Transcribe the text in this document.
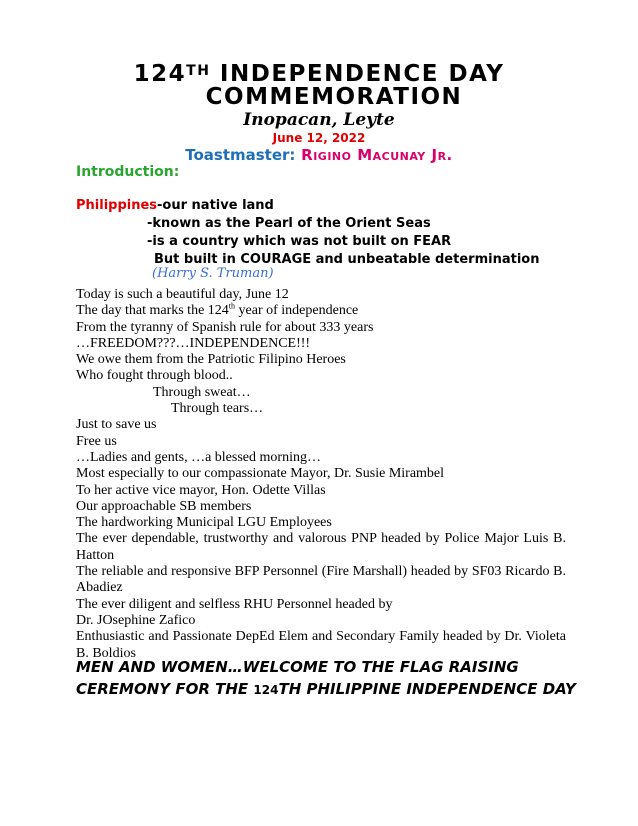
124TH INDEPENDENCE DAY
COMMEMORATION
Inopacan, Leyte
June 12, 2022
Toastmaster: Rigino Macunay Jr.
Introduction:
Philippines-our native land
-known as the Pearl of the Orient Seas
-is a country which was not built on FEAR
But built in COURAGE and unbeatable determination
(Harry S. Truman)
Today is such a beautiful day, June 12
The day that marks the 124th year of independence
From the tyranny of Spanish rule for about 333 years
…FREEDOM???…INDEPENDENCE!!!
We owe them from the Patriotic Filipino Heroes
Who fought through blood..
Through sweat…
Through tears…
Just to save us
Free us
…Ladies and gents, …a blessed morning…
Most especially to our compassionate Mayor, Dr. Susie Mirambel
To her active vice mayor, Hon. Odette Villas
Our approachable SB members
The hardworking Municipal LGU Employees
The ever dependable, trustworthy and valorous PNP headed by Police Major Luis B. Hatton
The reliable and responsive BFP Personnel (Fire Marshall) headed by SF03 Ricardo B. Abadiez
The ever diligent and selfless RHU Personnel headed by
Dr. JOsephine Zafico
Enthusiastic and Passionate DepEd Elem and Secondary Family headed by Dr. Violeta B. Boldios
MEN AND WOMEN…WELCOME TO THE FLAG RAISING CEREMONY FOR THE 124TH PHILIPPINE INDEPENDENCE DAY
